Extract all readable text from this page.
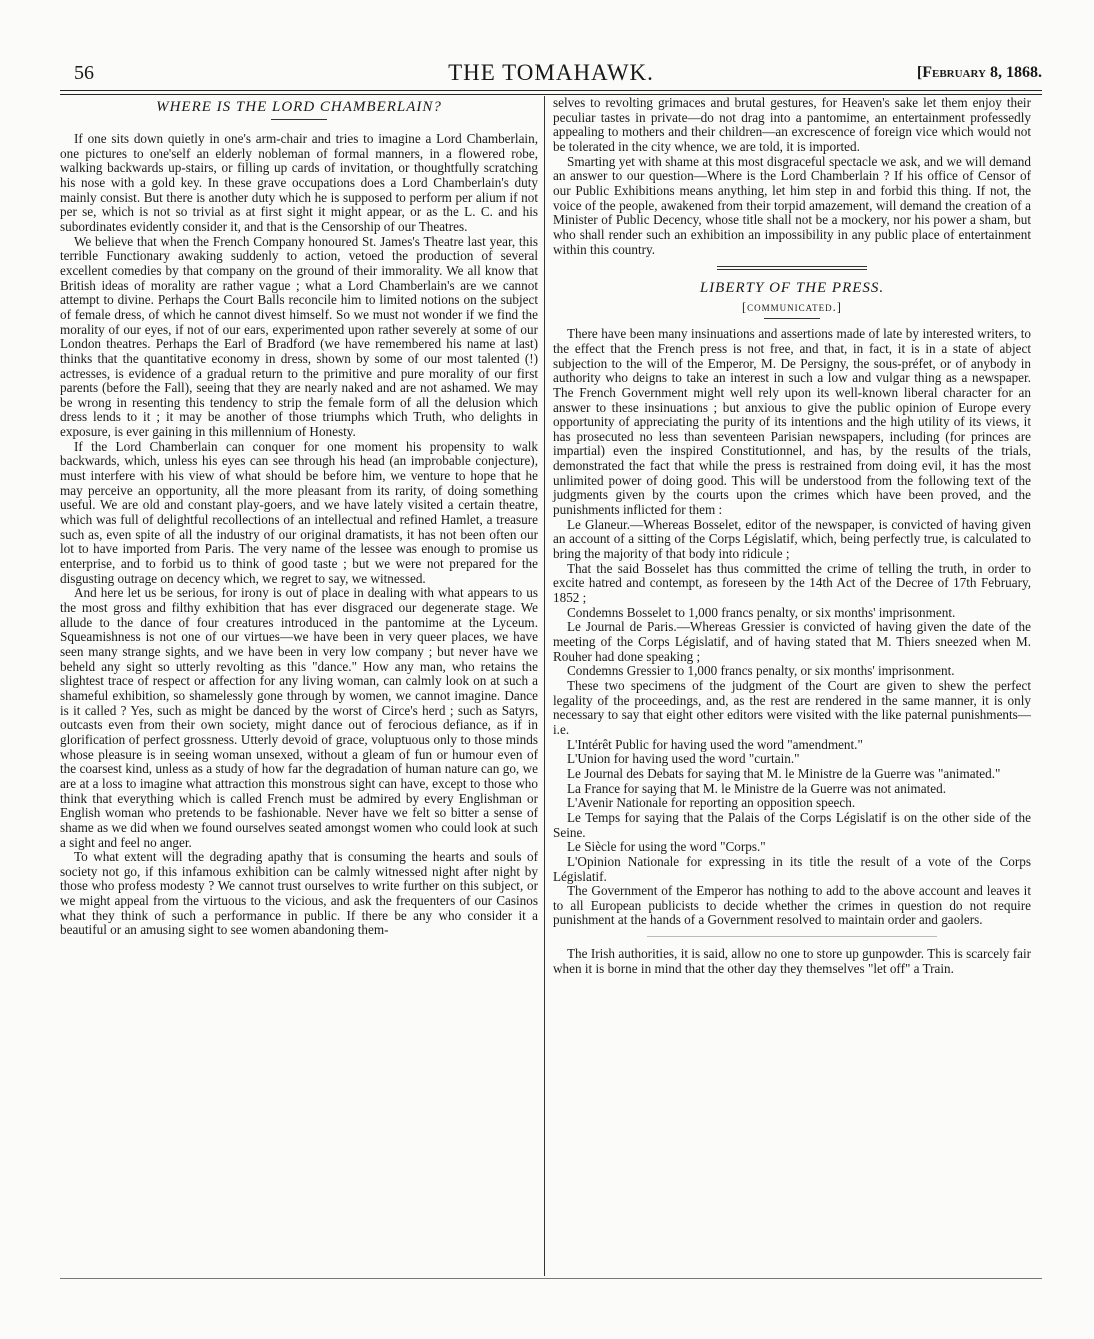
56	THE TOMAHAWK.	[February 8, 1868.
WHERE IS THE LORD CHAMBERLAIN?

If one sits down quietly in one's arm-chair and tries to imagine a Lord Chamberlain, one pictures to one'self an elderly nobleman of formal manners, in a flowered robe, walking backwards up-stairs, or filling up cards of invitation, or thoughtfully scratching his nose with a gold key. In these grave occupations does a Lord Chamberlain's duty mainly consist. But there is another duty which he is supposed to perform per alium if not per se, which is not so trivial as at first sight it might appear, or as the L. C. and his subordinates evidently consider it, and that is the Censorship of our Theatres.

We believe that when the French Company honoured St. James's Theatre last year, this terrible Functionary awaking suddenly to action, vetoed the production of several excellent comedies by that company on the ground of their immorality. We all know that British ideas of morality are rather vague ; what a Lord Chamberlain's are we cannot attempt to divine. Perhaps the Court Balls reconcile him to limited notions on the subject of female dress, of which he cannot divest himself. So we must not wonder if we find the morality of our eyes, if not of our ears, experimented upon rather severely at some of our London theatres. Perhaps the Earl of Bradford (we have remembered his name at last) thinks that the quantitative economy in dress, shown by some of our most talented (!) actresses, is evidence of a gradual return to the primitive and pure morality of our first parents (before the Fall), seeing that they are nearly naked and are not ashamed. We may be wrong in resenting this tendency to strip the female form of all the delusion which dress lends to it ; it may be another of those triumphs which Truth, who delights in exposure, is ever gaining in this millennium of Honesty.

If the Lord Chamberlain can conquer for one moment his propensity to walk backwards, which, unless his eyes can see through his head (an improbable conjecture), must interfere with his view of what should be before him, we venture to hope that he may perceive an opportunity, all the more pleasant from its rarity, of doing something useful. We are old and constant play-goers, and we have lately visited a certain theatre, which was full of delightful recollections of an intellectual and refined Hamlet, a treasure such as, even spite of all the industry of our original dramatists, it has not been often our lot to have imported from Paris. The very name of the lessee was enough to promise us enterprise, and to forbid us to think of good taste ; but we were not prepared for the disgusting outrage on decency which, we regret to say, we witnessed.

And here let us be serious, for irony is out of place in dealing with what appears to us the most gross and filthy exhibition that has ever disgraced our degenerate stage. We allude to the dance of four creatures introduced in the pantomime at the Lyceum. Squeamishness is not one of our virtues—we have been in very queer places, we have seen many strange sights, and we have been in very low company ; but never have we beheld any sight so utterly revolting as this "dance." How any man, who retains the slightest trace of respect or affection for any living woman, can calmly look on at such a shameful exhibition, so shamelessly gone through by women, we cannot imagine. Dance is it called ? Yes, such as might be danced by the worst of Circe's herd ; such as Satyrs, outcasts even from their own society, might dance out of ferocious defiance, as if in glorification of perfect grossness. Utterly devoid of grace, voluptuous only to those minds whose pleasure is in seeing woman unsexed, without a gleam of fun or humour even of the coarsest kind, unless as a study of how far the degradation of human nature can go, we are at a loss to imagine what attraction this monstrous sight can have, except to those who think that everything which is called French must be admired by every Englishman or English woman who pretends to be fashionable. Never have we felt so bitter a sense of shame as we did when we found ourselves seated amongst women who could look at such a sight and feel no anger.

To what extent will the degrading apathy that is consuming the hearts and souls of society not go, if this infamous exhibition can be calmly witnessed night after night by those who profess modesty ? We cannot trust ourselves to write further on this subject, or we might appeal from the virtuous to the vicious, and ask the frequenters of our Casinos what they think of such a performance in public. If there be any who consider it a beautiful or an amusing sight to see women abandoning them-

selves to revolting grimaces and brutal gestures, for Heaven's sake let them enjoy their peculiar tastes in private—do not drag into a pantomime, an entertainment professedly appealing to mothers and their children—an excrescence of foreign vice which would not be tolerated in the city whence, we are told, it is imported.

Smarting yet with shame at this most disgraceful spectacle we ask, and we will demand an answer to our question—Where is the Lord Chamberlain ? If his office of Censor of our Public Exhibitions means anything, let him step in and forbid this thing. If not, the voice of the people, awakened from their torpid amazement, will demand the creation of a Minister of Public Decency, whose title shall not be a mockery, nor his power a sham, but who shall render such an exhibition an impossibility in any public place of entertainment within this country.

LIBERTY OF THE PRESS.
[communicated.]

There have been many insinuations and assertions made of late by interested writers, to the effect that the French press is not free, and that, in fact, it is in a state of abject subjection to the will of the Emperor, M. De Persigny, the sous-préfet, or of anybody in authority who deigns to take an interest in such a low and vulgar thing as a newspaper. The French Government might well rely upon its well-known liberal character for an answer to these insinuations ; but anxious to give the public opinion of Europe every opportunity of appreciating the purity of its intentions and the high utility of its views, it has prosecuted no less than seventeen Parisian newspapers, including (for princes are impartial) even the inspired Constitutionnel, and has, by the results of the trials, demonstrated the fact that while the press is restrained from doing evil, it has the most unlimited power of doing good. This will be understood from the following text of the judgments given by the courts upon the crimes which have been proved, and the punishments inflicted for them :

Le Glaneur.—Whereas Bosselet, editor of the newspaper, is convicted of having given an account of a sitting of the Corps Législatif, which, being perfectly true, is calculated to bring the majority of that body into ridicule ;

That the said Bosselet has thus committed the crime of telling the truth, in order to excite hatred and contempt, as foreseen by the 14th Act of the Decree of 17th February, 1852 ;

Condemns Bosselet to 1,000 francs penalty, or six months' imprisonment.

Le Journal de Paris.—Whereas Gressier is convicted of having given the date of the meeting of the Corps Législatif, and of having stated that M. Thiers sneezed when M. Rouher had done speaking ;

Condemns Gressier to 1,000 francs penalty, or six months' imprisonment.

These two specimens of the judgment of the Court are given to shew the perfect legality of the proceedings, and, as the rest are rendered in the same manner, it is only necessary to say that eight other editors were visited with the like paternal punishments—i.e.

L'Intérêt Public for having used the word "amendment."

L'Union for having used the word "curtain."

Le Journal des Debats for saying that M. le Ministre de la Guerre was "animated."

La France for saying that M. le Ministre de la Guerre was not animated.

L'Avenir Nationale for reporting an opposition speech.

Le Temps for saying that the Palais of the Corps Législatif is on the other side of the Seine.

Le Siècle for using the word "Corps."

L'Opinion Nationale for expressing in its title the result of a vote of the Corps Législatif.

The Government of the Emperor has nothing to add to the above account and leaves it to all European publicists to decide whether the crimes in question do not require punishment at the hands of a Government resolved to maintain order and gaolers.

The Irish authorities, it is said, allow no one to store up gunpowder. This is scarcely fair when it is borne in mind that the other day they themselves "let off" a Train.
